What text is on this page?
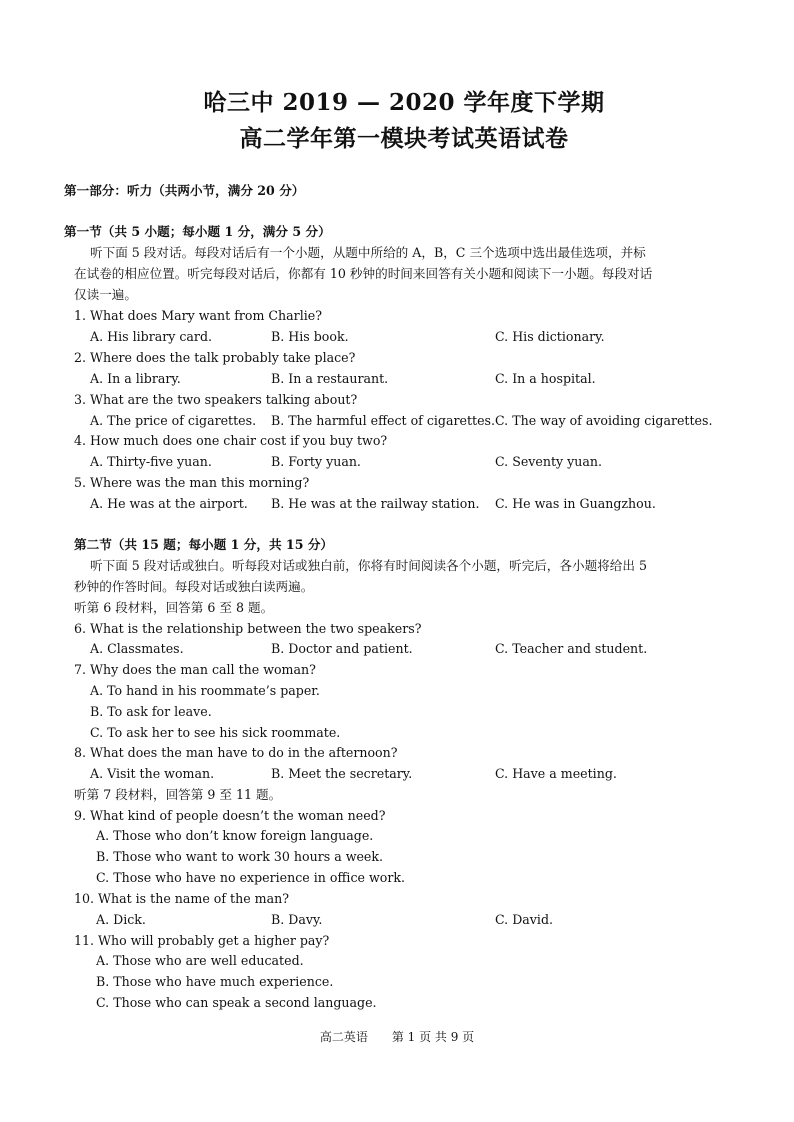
哈三中 2019 — 2020 学年度下学期
高二学年第一模块考试英语试卷
第一部分：听力（共两小节，满分 20 分）
第一节（共 5 小题；每小题 1 分，满分 5 分）
听下面 5 段对话。每段对话后有一个小题，从题中所给的 A，B，C 三个选项中选出最佳选项，并标
在试卷的相应位置。听完每段对话后，你都有 10 秒钟的时间来回答有关小题和阅读下一小题。每段对话
仅读一遍。
1. What does Mary want from Charlie?
A. His library card.	B. His book.	C. His dictionary.
2. Where does the talk probably take place?
A. In a library.	B. In a restaurant.	C. In a hospital.
3. What are the two speakers talking about?
A. The price of cigarettes. B. The harmful effect of cigarettes. C. The way of avoiding cigarettes.
4. How much does one chair cost if you buy two?
A. Thirty-five yuan.	B. Forty yuan.	C. Seventy yuan.
5. Where was the man this morning?
A. He was at the airport. B. He was at the railway station. C. He was in Guangzhou.
第二节（共 15 题；每小题 1 分，共 15 分）
听下面 5 段对话或独白。听每段对话或独白前，你将有时间阅读各个小题，听完后，各小题将给出 5
秒钟的作答时间。每段对话或独白读两遍。
听第 6 段材料，回答第 6 至 8 题。
6. What is the relationship between the two speakers?
A. Classmates.	B. Doctor and patient.	C. Teacher and student.
7. Why does the man call the woman?
A. To hand in his roommate’s paper.
B. To ask for leave.
C. To ask her to see his sick roommate.
8. What does the man have to do in the afternoon?
A. Visit the woman.	B. Meet the secretary.	C. Have a meeting.
听第 7 段材料，回答第 9 至 11 题。
9. What kind of people doesn’t the woman need?
A. Those who don’t know foreign language.
B. Those who want to work 30 hours a week.
C. Those who have no experience in office work.
10. What is the name of the man?
A. Dick.	B. Davy.	C. David.
11. Who will probably get a higher pay?
A. Those who are well educated.
B. Those who have much experience.
C. Those who can speak a second language.
高二英语　　第 1 页 共 9 页
